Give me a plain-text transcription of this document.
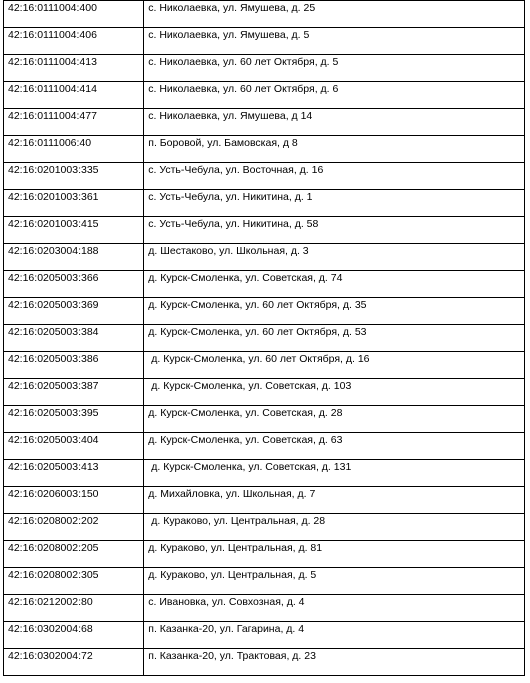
42:16:0111004:400	с. Николаевка, ул. Ямушева, д. 25
42:16:0111004:406	с. Николаевка, ул. Ямушева, д. 5
42:16:0111004:413	с. Николаевка, ул. 60 лет Октября, д. 5
42:16:0111004:414	с. Николаевка, ул. 60 лет Октября, д. 6
42:16:0111004:477	с. Николаевка, ул. Ямушева, д 14
42:16:0111006:40	п. Боровой, ул. Бамовская, д 8
42:16:0201003:335	с. Усть-Чебула, ул. Восточная, д. 16
42:16:0201003:361	с. Усть-Чебула, ул. Никитина, д. 1
42:16:0201003:415	с. Усть-Чебула, ул. Никитина, д. 58
42:16:0203004:188	д. Шестаково, ул. Школьная, д. 3
42:16:0205003:366	д. Курск-Смоленка, ул. Советская, д. 74
42:16:0205003:369	д. Курск-Смоленка, ул. 60 лет Октября, д. 35
42:16:0205003:384	д. Курск-Смоленка, ул. 60 лет Октября, д. 53
42:16:0205003:386	д. Курск-Смоленка, ул. 60 лет Октября, д. 16
42:16:0205003:387	д. Курск-Смоленка, ул. Советская, д. 103
42:16:0205003:395	д. Курск-Смоленка, ул. Советская, д. 28
42:16:0205003:404	д. Курск-Смоленка, ул. Советская, д. 63
42:16:0205003:413	д. Курск-Смоленка, ул. Советская, д. 131
42:16:0206003:150	д. Михайловка, ул. Школьная, д. 7
42:16:0208002:202	д. Кураково, ул. Центральная, д. 28
42:16:0208002:205	д. Кураково, ул. Центральная, д. 81
42:16:0208002:305	д. Кураково, ул. Центральная, д. 5
42:16:0212002:80	с. Ивановка, ул. Совхозная, д. 4
42:16:0302004:68	п. Казанка-20, ул. Гагарина, д. 4
42:16:0302004:72	п. Казанка-20, ул. Трактовая, д. 23
